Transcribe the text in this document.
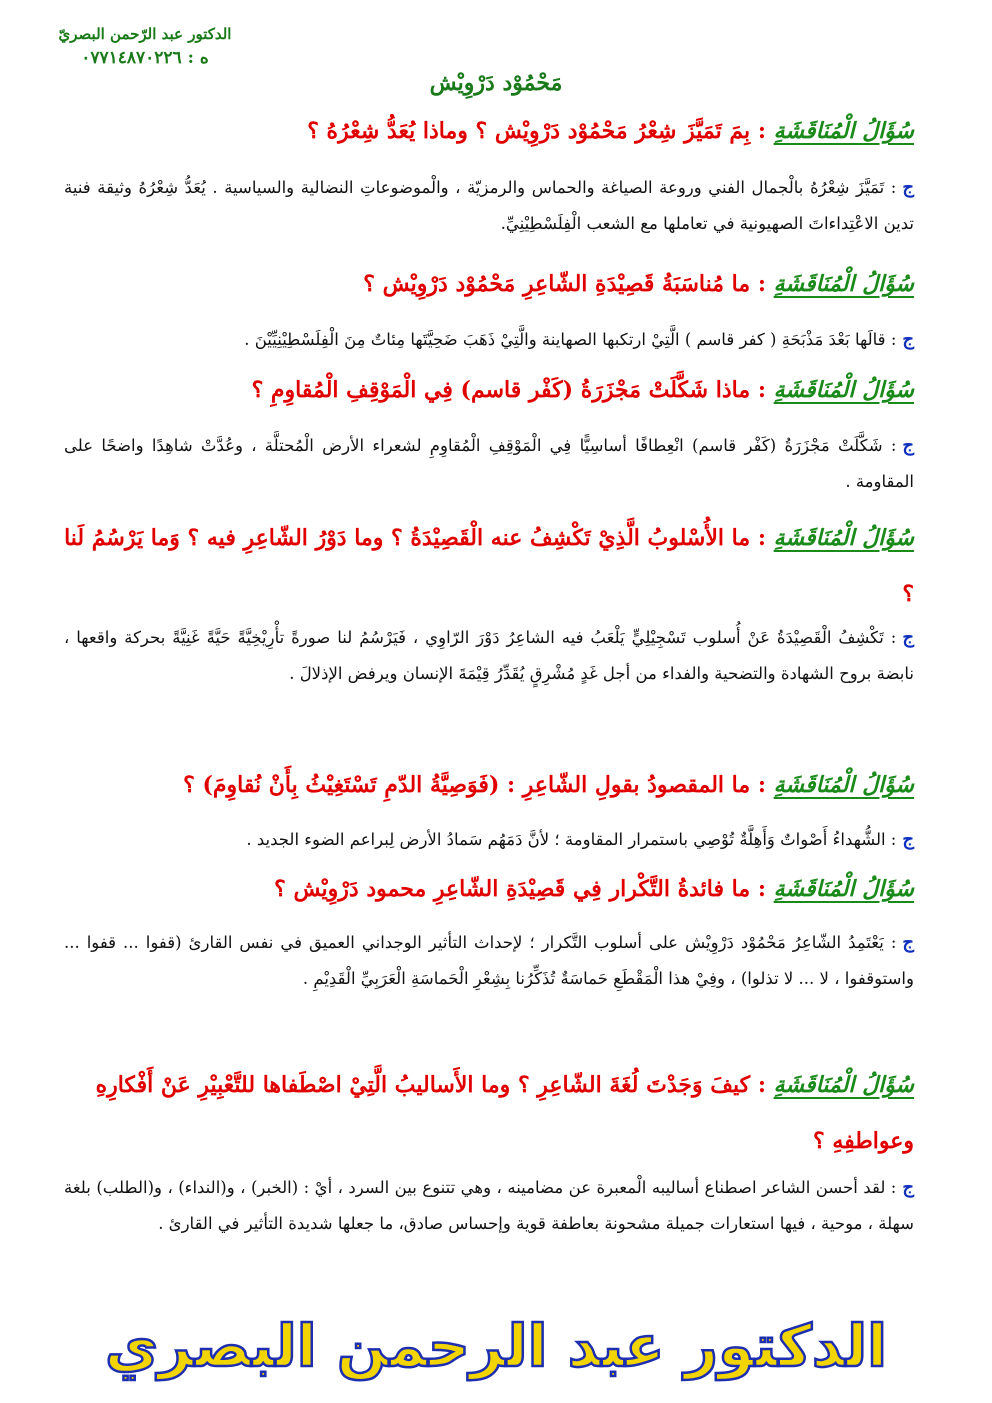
الدكتور عبد الرّحمن البصريّ
ه : ٠٧٧١٤٨٧٠٢٢٦
مَحْمُوْد دَرْوِيْش
سُؤَالُ الْمُنَاقَشَةِ : بِمَ تَمَيَّزَ شِعْرُ مَحْمُوْد دَرْوِيْش ؟ وماذا يُعَدُّ شِعْرُهُ ؟
ج: تَمَيَّزَ شِعْرُهُ بالْجمال الفني وروعة الصياغة والحماس والرمزيّة ، والْموضوعاتِ النضالية والسياسية . يُعَدُّ شِعْرُهُ وثيقة فنية تدين الاعْتِداءاتَ الصهيونية في تعاملها مع الشعب الْفِلَسْطِيْنِيِّ.
سُؤَالُ الْمُنَاقَشَةِ : ما مُناسَبَةُ قَصِيْدَةِ الشّاعِرِ مَحْمُوْد دَرْوِيْش ؟
ج: قالَها بَعْدَ مَذْبَحَةِ ( كفر قاسم ) الَّتِيْ ارتكبها الصهاينة والَّتِيْ ذَهَبَ ضَحِيَّتَها مِئاتٌ مِنَ الْفِلَسْطِيْنِيِّيْنَ .
سُؤَالُ الْمُنَاقَشَةِ : ماذا شَكَّلَتْ مَجْزَرَةُ (كَفْر قاسم) فِي الْمَوْقِفِ الْمُقاوِمِ ؟
ج: شَكَّلَتْ مَجْزَرَةُ (كَفْر قاسم) انْعِطافًا أساسِيًّا فِي الْمَوْقِفِ الْمُقاوِمِ لشعراء الأرض الْمُحتلَّة ، وعُدَّتْ شاهِدًا واضحًا على المقاومة .
سُؤَالُ الْمُنَاقَشَةِ : ما الأُسْلوبُ الَّذِيْ تَكْشِفُ عنه الْقَصِيْدَةُ ؟ وما دَوْرُ الشّاعِرِ فيه ؟ وَما يَرْسُمُ لَنا ؟
ج: تَكْشِفُ الْقَصِيْدَةُ عَنْ أُسلوب تَسْجِيْلِيٍّ يَلْعَبُ فيه الشاعِرُ دَوْرَ الرّاوِي ، فَيَرْسُمُ لنا صورةً تأْرِيْخِيَّةً حَيَّةً غَنِيَّةً بحركة واقعها ، نابضة بروح الشهادة والتضحية والفداء من أجل غَدٍ مُشْرِقٍ يُقَدِّرُ قِيْمَةَ الإنسان ويرفض الإذلالَ .
سُؤَالُ الْمُنَاقَشَةِ : ما المقصودُ بقولِ الشّاعِرِ : (فَوَصِيَّةُ الدّمِ تَسْتَغِيْثُ بِأَنْ نُقاوِمَ) ؟
ج: الشُّهداءُ أَصْواتٌ وَأَهِلَّةٌ تُوْصِي باستمرار المقاومة ؛ لأنَّ دَمَهُم سَمادُ الأرض لِبراعم الضوء الجديد .
سُؤَالُ الْمُنَاقَشَةِ : ما فائدةُ التَّكْرار فِي قَصِيْدَةِ الشّاعِرِ محمود دَرْوِيْش ؟
ج: يَعْتَمِدُ الشّاعِرُ مَحْمُوْد دَرْوِيْش على أسلوب التَّكرار ؛ لإحداث التأثير الوجداني العميق في نفس القارئ (قفوا ... قفوا ... واستوقفوا ، لا ... لا تذلوا) ، وفِيْ هذا الْمَقْطَعِ حَماسَةٌ تُذَكِّرُنا بِشِعْرِ الْحَماسَةِ الْعَرَبِيِّ الْقَدِيْمِ .
سُؤَالُ الْمُنَاقَشَةِ : كيفَ وَجَدْتَ لُغَةَ الشّاعِرِ ؟ وما الأَساليبُ الَّتِيْ اصْطَفاها للتَّعْبِيْرِ عَنْ أَفْكارِهِ وعواطفِهِ ؟
ج: لقد أحسن الشاعر اصطناع أساليبه الْمعبرة عن مضامينه ، وهي تتنوع بين السرد ، أيْ : (الخبر) ، و(النداء) ، و(الطلب) بلغة سهلة ، موحية ، فيها استعارات جميلة مشحونة بعاطفة قوية وإحساس صادق، ما جعلها شديدة التأثير في القارئ .
الدكتور عبد الرحمن البصري
